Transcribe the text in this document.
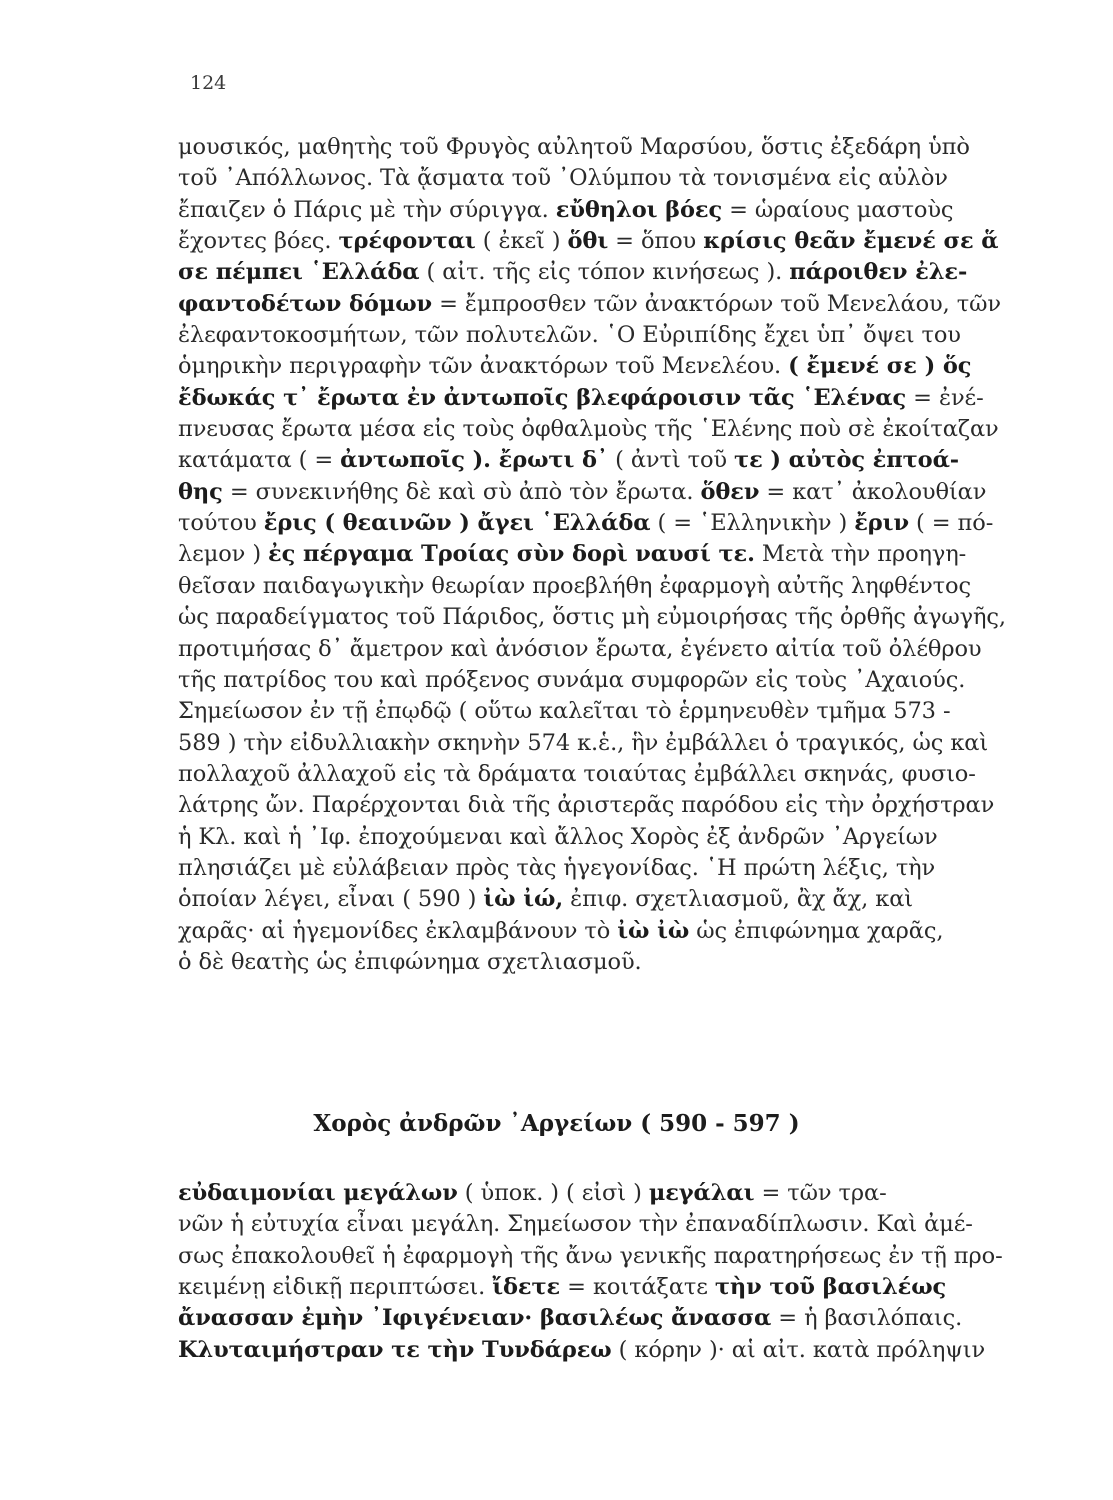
124
μουσικός, μαθητὴς τοῦ Φρυγὸς αὐλητοῦ Μαρσύου, ὅστις ἐξεδάρη ὑπὸ
τοῦ ᾿Απόλλωνος. Τὰ ᾄσματα τοῦ ᾿Ολύμπου τὰ τονισμένα εἰς αὐλὸν
ἔπαιζεν ὁ Πάρις μὲ τὴν σύριγγα. εὔθηλοι βόες = ὡραίους μαστοὺς
ἔχοντες βόες. τρέφονται ( ἐκεῖ ) ὅθι = ὅπου κρίσις θεᾶν ἔμενέ σε ἅ
σε πέμπει ῾Ελλάδα ( αἰτ. τῆς εἰς τόπον κινήσεως ). πάροιθεν ἐλε-
φαντοδέτων δόμων = ἔμπροσθεν τῶν ἀνακτόρων τοῦ Μενελάου, τῶν
ἐλεφαντοκοσμήτων, τῶν πολυτελῶν. ῾Ο Εὐριπίδης ἔχει ὑπ᾿ ὄψει του
ὁμηρικὴν περιγραφὴν τῶν ἀνακτόρων τοῦ Μενελέου. ( ἔμενέ σε ) ὅς
ἔδωκάς τ᾿ ἔρωτα ἐν ἀντωποῖς βλεφάροισιν τᾶς ῾Ελένας = ἐνέ-
πνευσας ἔρωτα μέσα εἰς τοὺς ὀφθαλμοὺς τῆς ῾Ελένης ποὺ σὲ ἐκοίταζαν
κατάματα ( = ἀντωποῖς ). ἔρωτι δ᾿ ( ἀντὶ τοῦ τε ) αὐτὸς ἐπτοά-
θης = συνεκινήθης δὲ καὶ σὺ ἀπὸ τὸν ἔρωτα. ὅθεν = κατ᾿ ἀκολουθίαν
τούτου ἔρις ( θεαινῶν ) ἄγει ῾Ελλάδα ( = ῾Ελληνικὴν ) ἔριν ( = πό-
λεμον ) ἐς πέργαμα Τροίας σὺν δορὶ ναυσί τε. Μετὰ τὴν προηγη-
θεῖσαν παιδαγωγικὴν θεωρίαν προεβλήθη ἐφαρμογὴ αὐτῆς ληφθέντος
ὡς παραδείγματος τοῦ Πάριδος, ὅστις μὴ εὐμοιρήσας τῆς ὀρθῆς ἀγωγῆς,
προτιμήσας δ᾿ ἄμετρον καὶ ἀνόσιον ἔρωτα, ἐγένετο αἰτία τοῦ ὀλέθρου
τῆς πατρίδος του καὶ πρόξενος συνάμα συμφορῶν εἰς τοὺς ᾿Αχαιούς.
Σημείωσον ἐν τῇ ἐπῳδῷ ( οὕτω καλεῖται τὸ ἑρμηνευθὲν τμῆμα 573 -
589 ) τὴν εἰδυλλιακὴν σκηνὴν 574 κ.ἑ., ἣν ἐμβάλλει ὁ τραγικός, ὡς καὶ
πολλαχοῦ ἀλλαχοῦ εἰς τὰ δράματα τοιαύτας ἐμβάλλει σκηνάς, φυσιο-
λάτρης ὤν. Παρέρχονται διὰ τῆς ἀριστερᾶς παρόδου εἰς τὴν ὀρχήστραν
ἡ Κλ. καὶ ἡ ᾿Ιφ. ἐποχούμεναι καὶ ἄλλος Χορὸς ἐξ ἀνδρῶν ᾿Αργείων
πλησιάζει μὲ εὐλάβειαν πρὸς τὰς ἡγεγονίδας. ῾Η πρώτη λέξις, τὴν
ὁποίαν λέγει, εἶναι ( 590 ) ἰὼ ἰώ, ἐπιφ. σχετλιασμοῦ, ἂχ ἄχ, καὶ
χαρᾶς· αἱ ἡγεμονίδες ἐκλαμβάνουν τὸ ἰὼ ἰὼ ὡς ἐπιφώνημα χαρᾶς,
ὁ δὲ θεατὴς ὡς ἐπιφώνημα σχετλιασμοῦ.
Χορὸς ἀνδρῶν ᾿Αργείων ( 590 - 597 )
εὐδαιμονίαι μεγάλων ( ὑποκ. ) ( εἰσὶ ) μεγάλαι = τῶν τρα-
νῶν ἡ εὐτυχία εἶναι μεγάλη. Σημείωσον τὴν ἐπαναδίπλωσιν. Καὶ ἀμέ-
σως ἐπακολουθεῖ ἡ ἐφαρμογὴ τῆς ἄνω γενικῆς παρατηρήσεως ἐν τῇ προ-
κειμένῃ εἰδικῇ περιπτώσει. ἴδετε = κοιτάξατε τὴν τοῦ βασιλέως
ἄνασσαν ἐμὴν ᾿Ιφιγένειαν· βασιλέως ἄνασσα = ἡ βασιλόπαις.
Κλυταιμήστραν τε τὴν Τυνδάρεω ( κόρην )· αἱ αἰτ. κατὰ πρόληψιν
